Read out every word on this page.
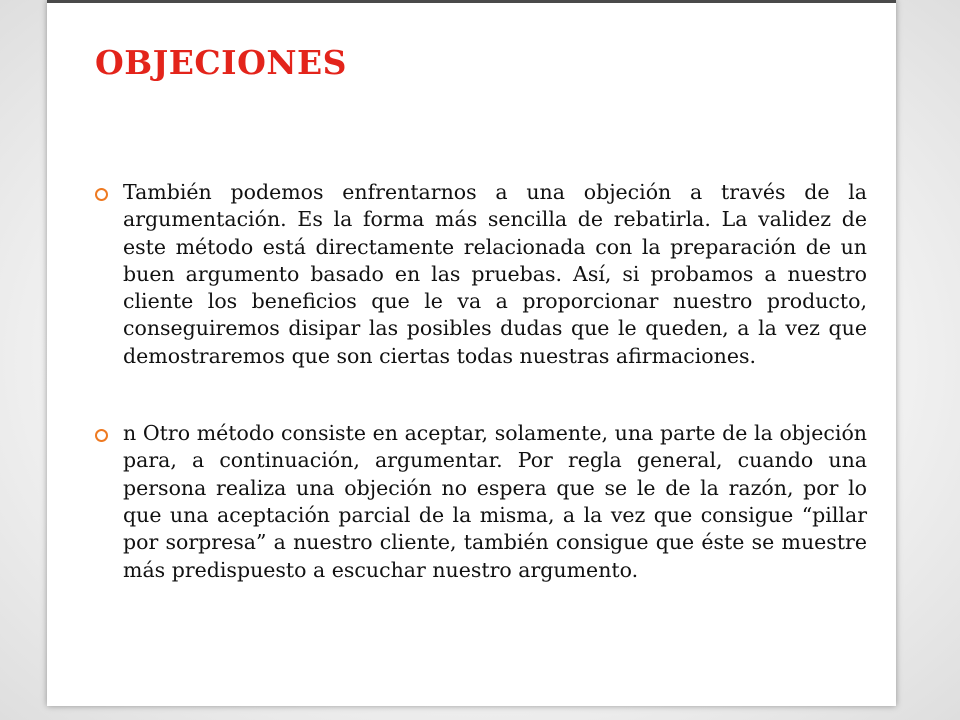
OBJECIONES
También podemos enfrentarnos a una objeción a través de la argumentación. Es la forma más sencilla de rebatirla. La validez de este método está directamente relacionada con la preparación de un buen argumento basado en las pruebas. Así, si probamos a nuestro cliente los beneficios que le va a proporcionar nuestro producto, conseguiremos disipar las posibles dudas que le queden, a la vez que demostraremos que son ciertas todas nuestras afirmaciones.
n Otro método consiste en aceptar, solamente, una parte de la objeción para, a continuación, argumentar. Por regla general, cuando una persona realiza una objeción no espera que se le de la razón, por lo que una aceptación parcial de la misma, a la vez que consigue “pillar por sorpresa” a nuestro cliente, también consigue que éste se muestre más predispuesto a escuchar nuestro argumento.
